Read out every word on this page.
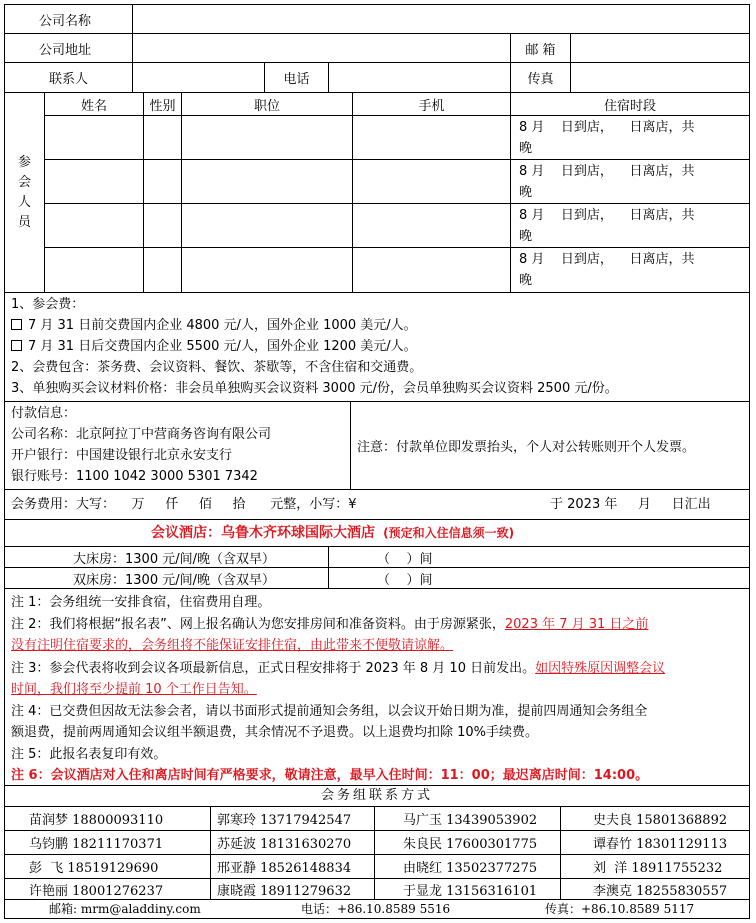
公司名称
公司地址	邮 箱
联系人	电话	传真
参
会
人
员
姓名	性别	职位	手机	住宿时段
8 月    日到店，    日离店，共
晚
8 月    日到店，    日离店，共
晚
8 月    日到店，    日离店，共
晚
8 月    日到店，    日离店，共
晚
1、参会费：
7 月 31 日前交费国内企业 4800 元/人，国外企业 1000 美元/人。
7 月 31 日后交费国内企业 5500 元/人，国外企业 1200 美元/人。
2、会费包含：茶务费、会议资料、餐饮、茶歇等，不含住宿和交通费。
3、单独购买会议材料价格：非会员单独购买会议资料 3000 元/份，会员单独购买会议资料 2500 元/份。
付款信息：
公司名称：北京阿拉丁中营商务咨询有限公司
开户银行：中国建设银行北京永安支行
银行账号：1100 1042 3000 5301 7342
注意：付款单位即发票抬头，个人对公转账则开个人发票。
会务费用：大写：    万     仟     佰     拾      元整，小写：¥	于 2023 年     月     日汇出
会议酒店：乌鲁木齐环球国际大酒店 (预定和入住信息须一致)
大床房：1300 元/间/晚（含双早）	（    ）间
双床房：1300 元/间/晚（含双早）	（    ）间
注 1：会务组统一安排食宿，住宿费用自理。
注 2：我们将根据“报名表”、网上报名确认为您安排房间和准备资料。由于房源紧张，2023 年 7 月 31 日之前
没有注明住宿要求的，会务组将不能保证安排住宿，由此带来不便敬请谅解。
注 3：参会代表将收到会议各项最新信息，正式日程安排将于 2023 年 8 月 10 日前发出。如因特殊原因调整会议
时间，我们将至少提前 10 个工作日告知。
注 4：已交费但因故无法参会者，请以书面形式提前通知会务组，以会议开始日期为准，提前四周通知会务组全
额退费，提前两周通知会议组半额退费，其余情况不予退费。以上退费均扣除 10%手续费。
注 5：此报名表复印有效。
注 6：会议酒店对入住和离店时间有严格要求，敬请注意，最早入住时间：11：00；最迟离店时间：14:00。
会务组联系方式
苗润梦 18800093110	郭寒玲 13717942547	马广玉 13439053902	史夫良 15801368892
乌钧鹏 18211170371	苏延波 18131630270	朱良民 17600301775	谭春竹 18301129113
彭  飞 18519129690	邢亚静 18526148834	由晓红 13502377275	刘  洋 18911755232
许艳丽 18001276237	康晓霞 18911279632	于显龙 13156316101	李澳克 18255830557
邮箱: mrm@aladdiny.com	电话：+86.10.8589 5516	传真：+86.10.8589 5117
